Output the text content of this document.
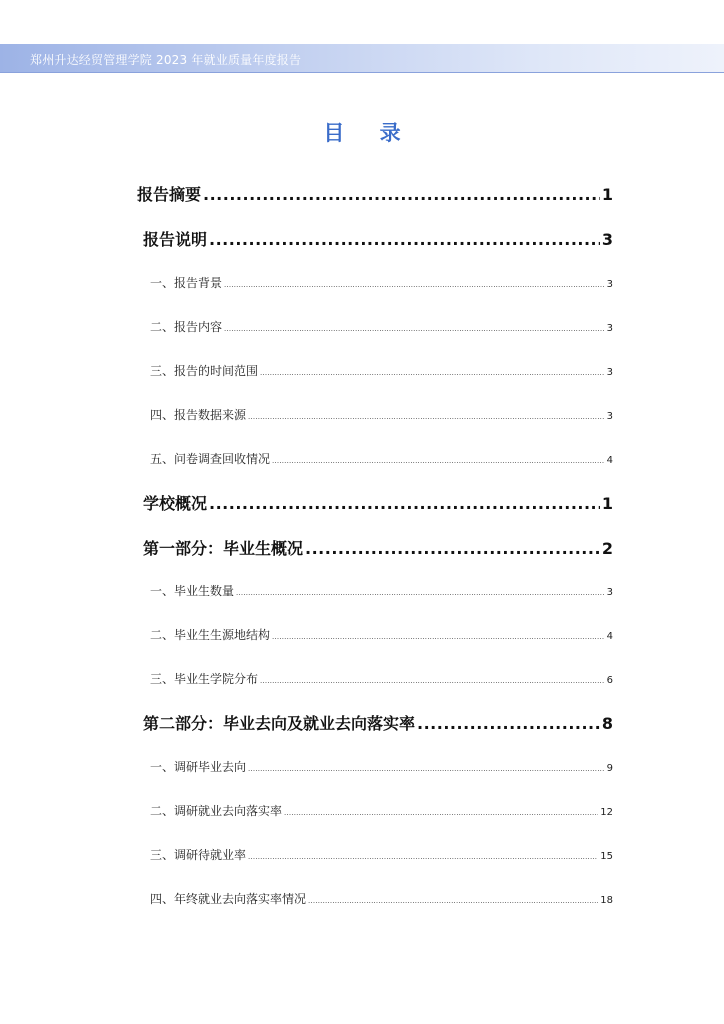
郑州升达经贸管理学院 2023 年就业质量年度报告
目 录
报告摘要 .....	1
报告说明 .....	3
一、报告背景 .....	3
二、报告内容 .....	3
三、报告的时间范围 .....	3
四、报告数据来源 .....	3
五、问卷调查回收情况 .....	4
学校概况 .....	1
第一部分：毕业生概况 .....	2
一、毕业生数量 .....	3
二、毕业生生源地结构 .....	4
三、毕业生学院分布 .....	6
第二部分：毕业去向及就业去向落实率 .....	8
一、调研毕业去向 .....	9
二、调研就业去向落实率 .....	12
三、调研待就业率 .....	15
四、年终就业去向落实率情况 .....	18
